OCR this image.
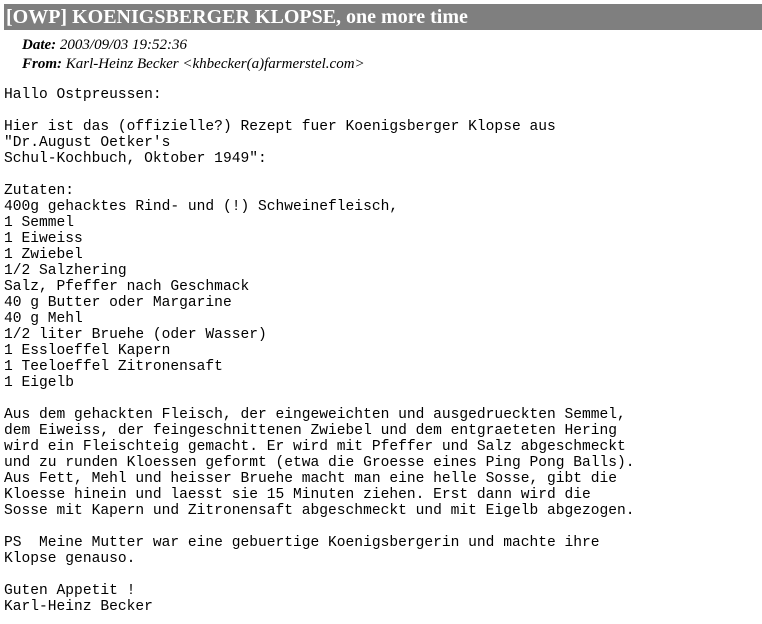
[OWP] KOENIGSBERGER KLOPSE, one more time
Date: 2003/09/03 19:52:36
From: Karl-Heinz Becker <khbecker(a)farmerstel.com>
Hallo Ostpreussen:

Hier ist das (offizielle?) Rezept fuer Koenigsberger Klopse aus
"Dr.August Oetker's
Schul-Kochbuch, Oktober 1949":

Zutaten:
400g gehacktes Rind- und (!) Schweinefleisch,
1 Semmel
1 Eiweiss
1 Zwiebel
1/2 Salzhering
Salz, Pfeffer nach Geschmack
40 g Butter oder Margarine
40 g Mehl
1/2 liter Bruehe (oder Wasser)
1 Essloeffel Kapern
1 Teeloeffel Zitronensaft
1 Eigelb

Aus dem gehackten Fleisch, der eingeweichten und ausgedrueckten Semmel,
dem Eiweiss, der feingeschnittenen Zwiebel und dem entgraeteten Hering
wird ein Fleischteig gemacht. Er wird mit Pfeffer und Salz abgeschmeckt
und zu runden Kloessen geformt (etwa die Groesse eines Ping Pong Balls).
Aus Fett, Mehl und heisser Bruehe macht man eine helle Sosse, gibt die
Kloesse hinein und laesst sie 15 Minuten ziehen. Erst dann wird die
Sosse mit Kapern und Zitronensaft abgeschmeckt und mit Eigelb abgezogen.

PS  Meine Mutter war eine gebuertige Koenigsbergerin und machte ihre
Klopse genauso.

Guten Appetit !
Karl-Heinz Becker
